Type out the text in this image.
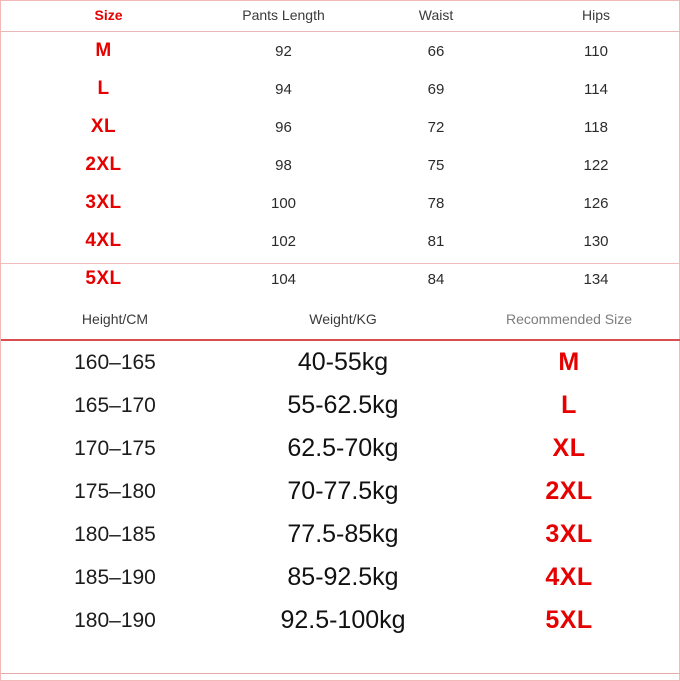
Size	Pants Length	Waist	Hips

M	92	66	110
L	94	69	114
XL	96	72	118
2XL	98	75	122
3XL	100	78	126
4XL	102	81	130
5XL	104	84	134
Height/CM	Weight/KG	Recommended Size

160–165	40-55kg	M
165–170	55-62.5kg	L
170–175	62.5-70kg	XL
175–180	70-77.5kg	2XL
180–185	77.5-85kg	3XL
185–190	85-92.5kg	4XL
180–190	92.5-100kg	5XL
